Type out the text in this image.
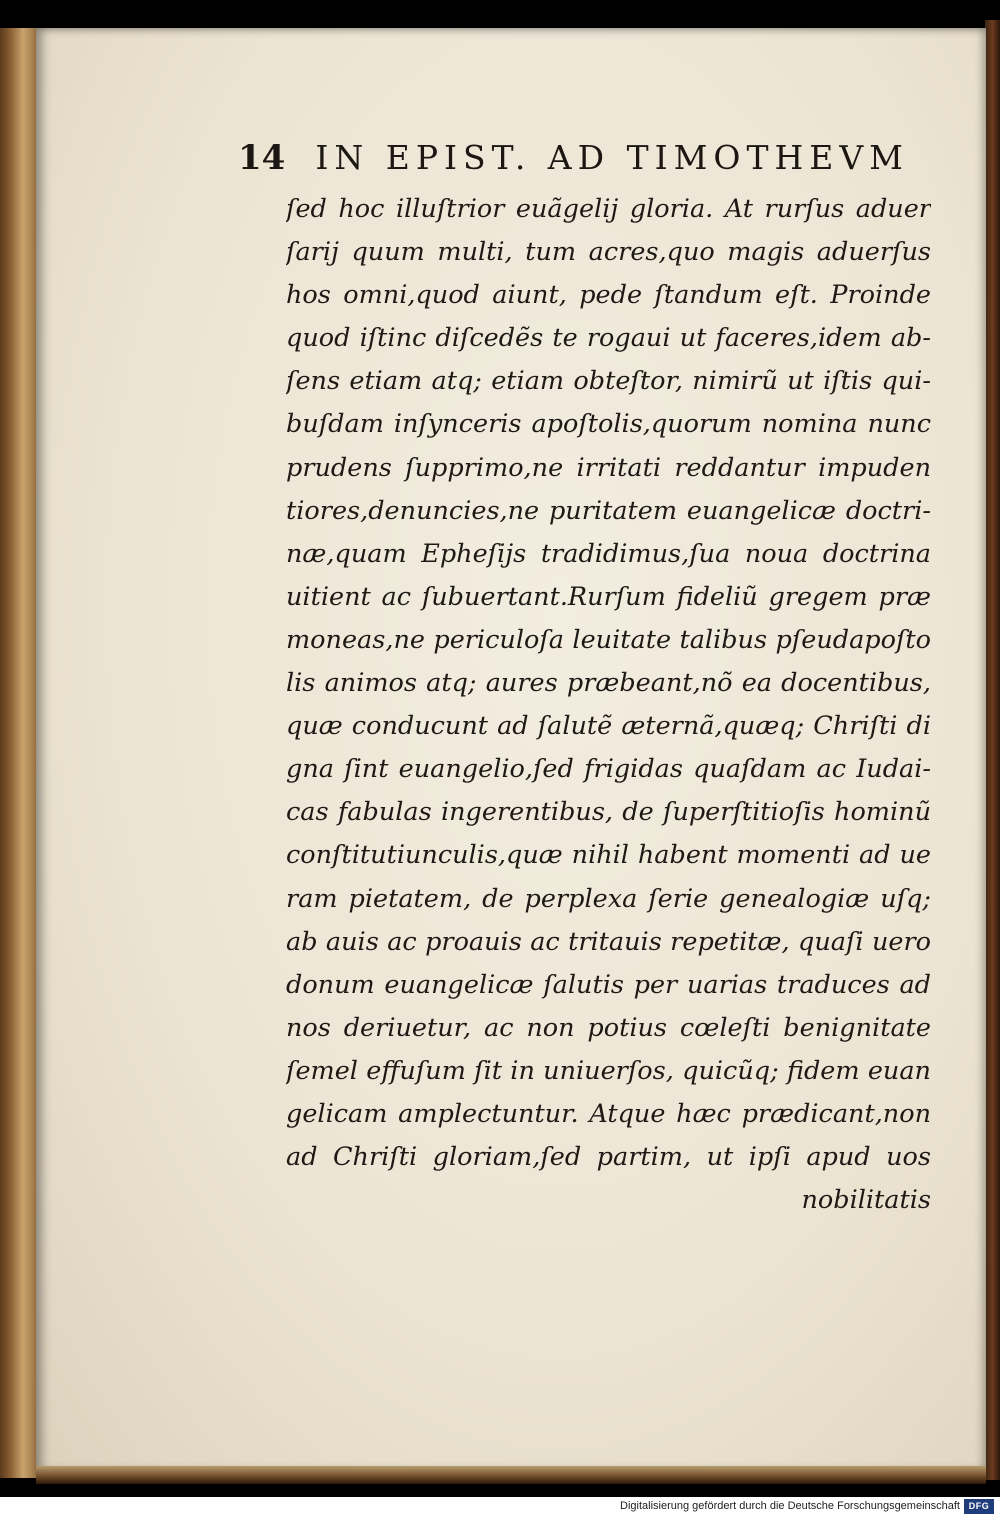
14 IN EPIST. AD TIMOTHEVM
ſed hoc illuſtrior euãgelij gloria. At rurſus aduer
ſarij quum multi, tum acres,quo magis aduerſus
hos omni,quod aiunt, pede ſtandum eſt. Proinde
quod iſtinc diſcedẽs te rogaui ut faceres,idem ab-
ſens etiam atq; etiam obteſtor, nimirũ ut iſtis qui-
buſdam inſynceris apoſtolis,quorum nomina nunc
prudens ſupprimo,ne irritati reddantur impuden
tiores,denuncies,ne puritatem euangelicæ doctri-
næ,quam Epheſijs tradidimus,ſua noua doctrina
uitient ac ſubuertant.Rurſum fideliũ gregem præ
moneas,ne periculoſa leuitate talibus pſeudapoſto
lis animos atq; aures præbeant,nõ ea docentibus,
quæ conducunt ad ſalutẽ æternã,quæq; Chriſti di
gna ſint euangelio,ſed frigidas quaſdam ac Iudai-
cas fabulas ingerentibus, de ſuperſtitioſis hominũ
conſtitutiunculis,quæ nihil habent momenti ad ue
ram pietatem, de perplexa ſerie genealogiæ uſq;
ab auis ac proauis ac tritauis repetitæ, quaſi uero
donum euangelicæ ſalutis per uarias traduces ad
nos deriuetur, ac non potius cœleſti benignitate
ſemel effuſum ſit in uniuerſos, quicũq; fidem euan
gelicam amplectuntur. Atque hæc prædicant,non
ad Chriſti gloriam,ſed partim, ut ipſi apud uos
nobilitatis
Digitalisierung gefördert durch die Deutsche Forschungsgemeinschaft DFG
